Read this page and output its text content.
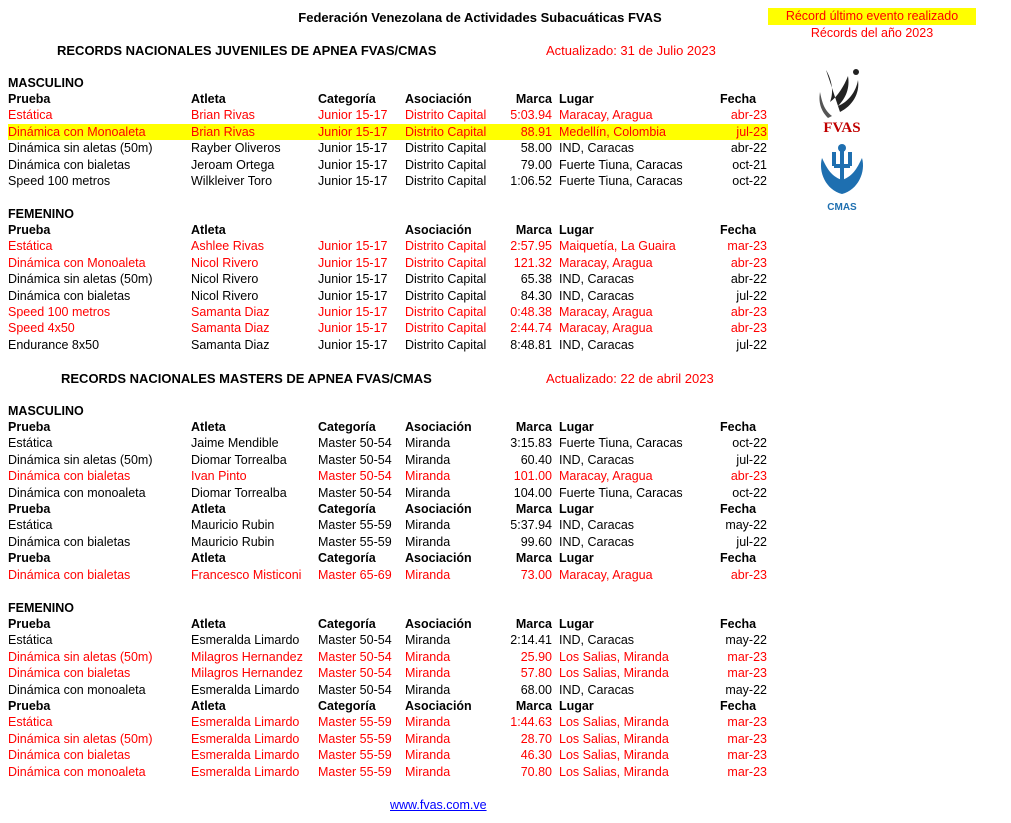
Federación Venezolana de Actividades Subacuáticas FVAS	Récord último evento realizado
Récords del año 2023
RECORDS NACIONALES JUVENILES DE APNEA FVAS/CMAS	Actualizado: 31 de Julio 2023
MASCULINO
Prueba	Atleta	Categoría Asociación	Marca Lugar	Fecha
Estática	Brian Rivas	Junior 15-17 Distrito Capital	5:03.94 Maracay, Aragua	abr-23
Dinámica con Monoaleta	Brian Rivas	Junior 15-17 Distrito Capital	88.91 Medellín, Colombia	jul-23
Dinámica sin aletas (50m)	Rayber Oliveros	Junior 15-17 Distrito Capital	58.00 IND, Caracas	abr-22
Dinámica con bialetas	Jeroam Ortega	Junior 15-17 Distrito Capital	79.00 Fuerte Tiuna, Caracas	oct-21
Speed 100 metros	Wilkleiver Toro	Junior 15-17 Distrito Capital	1:06.52 Fuerte Tiuna, Caracas	oct-22
FEMENINO
Prueba	Atleta	Asociación	Marca Lugar	Fecha
Estática	Ashlee Rivas	Junior 15-17 Distrito Capital	2:57.95 Maiquetía, La Guaira	mar-23
Dinámica con Monoaleta	Nicol Rivero	Junior 15-17 Distrito Capital	121.32 Maracay, Aragua	abr-23
Dinámica sin aletas (50m)	Nicol Rivero	Junior 15-17 Distrito Capital	65.38 IND, Caracas	abr-22
Dinámica con bialetas	Nicol Rivero	Junior 15-17 Distrito Capital	84.30 IND, Caracas	jul-22
Speed 100 metros	Samanta Diaz	Junior 15-17 Distrito Capital	0:48.38 Maracay, Aragua	abr-23
Speed 4x50	Samanta Diaz	Junior 15-17 Distrito Capital	2:44.74 Maracay, Aragua	abr-23
Endurance 8x50	Samanta Diaz	Junior 15-17 Distrito Capital	8:48.81 IND, Caracas	jul-22
RECORDS NACIONALES MASTERS DE APNEA FVAS/CMAS	Actualizado: 22 de abril 2023
MASCULINO
Prueba	Atleta	Categoría Asociación	Marca Lugar	Fecha
Estática	Jaime Mendible	Master 50-54 Miranda	3:15.83 Fuerte Tiuna, Caracas	oct-22
Dinámica sin aletas (50m)	Diomar Torrealba	Master 50-54 Miranda	60.40 IND, Caracas	jul-22
Dinámica con bialetas	Ivan Pinto	Master 50-54 Miranda	101.00 Maracay, Aragua	abr-23
Dinámica con monoaleta	Diomar Torrealba	Master 50-54 Miranda	104.00 Fuerte Tiuna, Caracas	oct-22
Prueba	Atleta	Categoría Asociación	Marca Lugar	Fecha
Estática	Mauricio Rubin	Master 55-59 Miranda	5:37.94 IND, Caracas	may-22
Dinámica con bialetas	Mauricio Rubin	Master 55-59 Miranda	99.60 IND, Caracas	jul-22
Prueba	Atleta	Categoría Asociación	Marca Lugar	Fecha
Dinámica con bialetas	Francesco Misticoni Master 65-69 Miranda	73.00 Maracay, Aragua	abr-23
FEMENINO
Prueba	Atleta	Categoría Asociación	Marca Lugar	Fecha
Estática	Esmeralda Limardo Master 50-54 Miranda	2:14.41 IND, Caracas	may-22
Dinámica sin aletas (50m)	Milagros Hernandez Master 50-54 Miranda	25.90 Los Salias, Miranda	mar-23
Dinámica con bialetas	Milagros Hernandez Master 50-54 Miranda	57.80 Los Salias, Miranda	mar-23
Dinámica con monoaleta	Esmeralda Limardo Master 50-54 Miranda	68.00 IND, Caracas	may-22
Prueba	Atleta	Categoría Asociación	Marca Lugar	Fecha
Estática	Esmeralda Limardo Master 55-59 Miranda	1:44.63 Los Salias, Miranda	mar-23
Dinámica sin aletas (50m)	Esmeralda Limardo Master 55-59 Miranda	28.70 Los Salias, Miranda	mar-23
Dinámica con bialetas	Esmeralda Limardo Master 55-59 Miranda	46.30 Los Salias, Miranda	mar-23
Dinámica con monoaleta	Esmeralda Limardo Master 55-59 Miranda	70.80 Los Salias, Miranda	mar-23
FVAS
CMAS
www.fvas.com.ve
